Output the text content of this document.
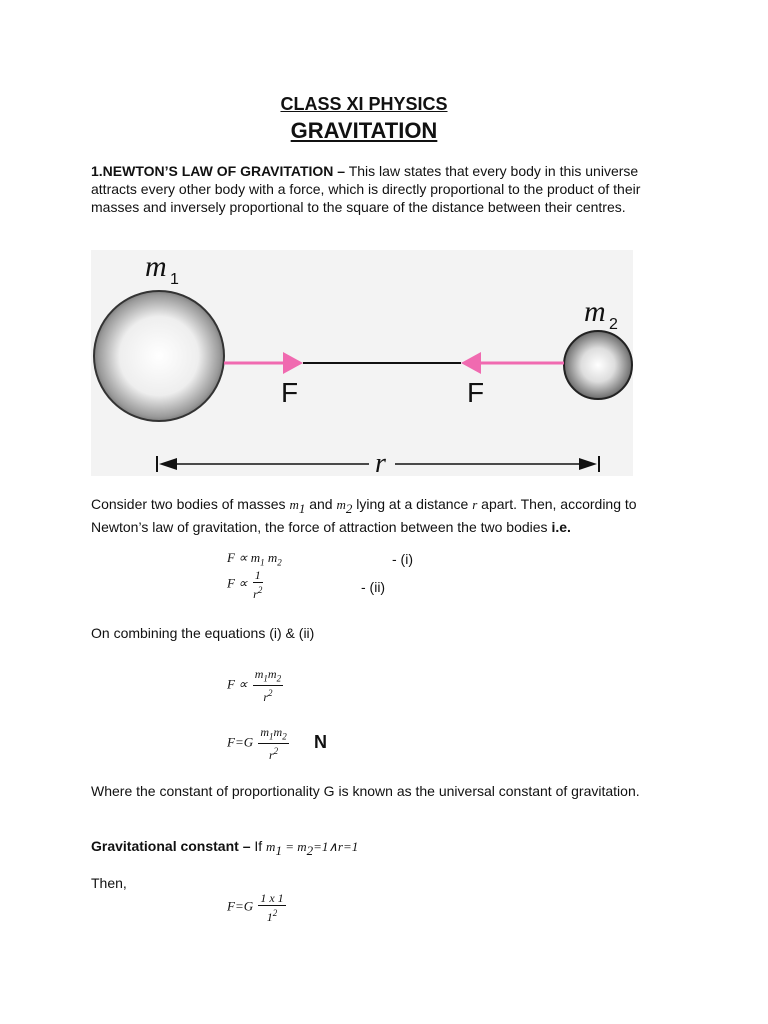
CLASS XI PHYSICS
GRAVITATION
1.NEWTON’S LAW OF GRAVITATION – This law states that every body in this universe attracts every other body with a force, which is directly proportional to the product of their masses and inversely proportional to the square of the distance between their centres.
F	F
m 1
m 2
r
Consider two bodies of masses $m_1$ and $m_2$ lying at a distance r apart. Then, according to Newton’s law of gravitation, the force of attraction between the two bodies i.e.
$F \propto m_1$ $m_2$	- (i)
$F \propto \frac{1}{r^2}$	- (ii)
On combining the equations (i) & (ii)
$F \propto \frac{m_1m_2}{r^2}$
$F=G \frac{m_1m_2}{r^2}$ N
Where the constant of proportionality G is known as the universal constant of gravitation.
Gravitational constant – If $m_1$ = $m_2=1\wedge r=1$
Then,
$F=G \frac{1 x 1}{1^2}$
